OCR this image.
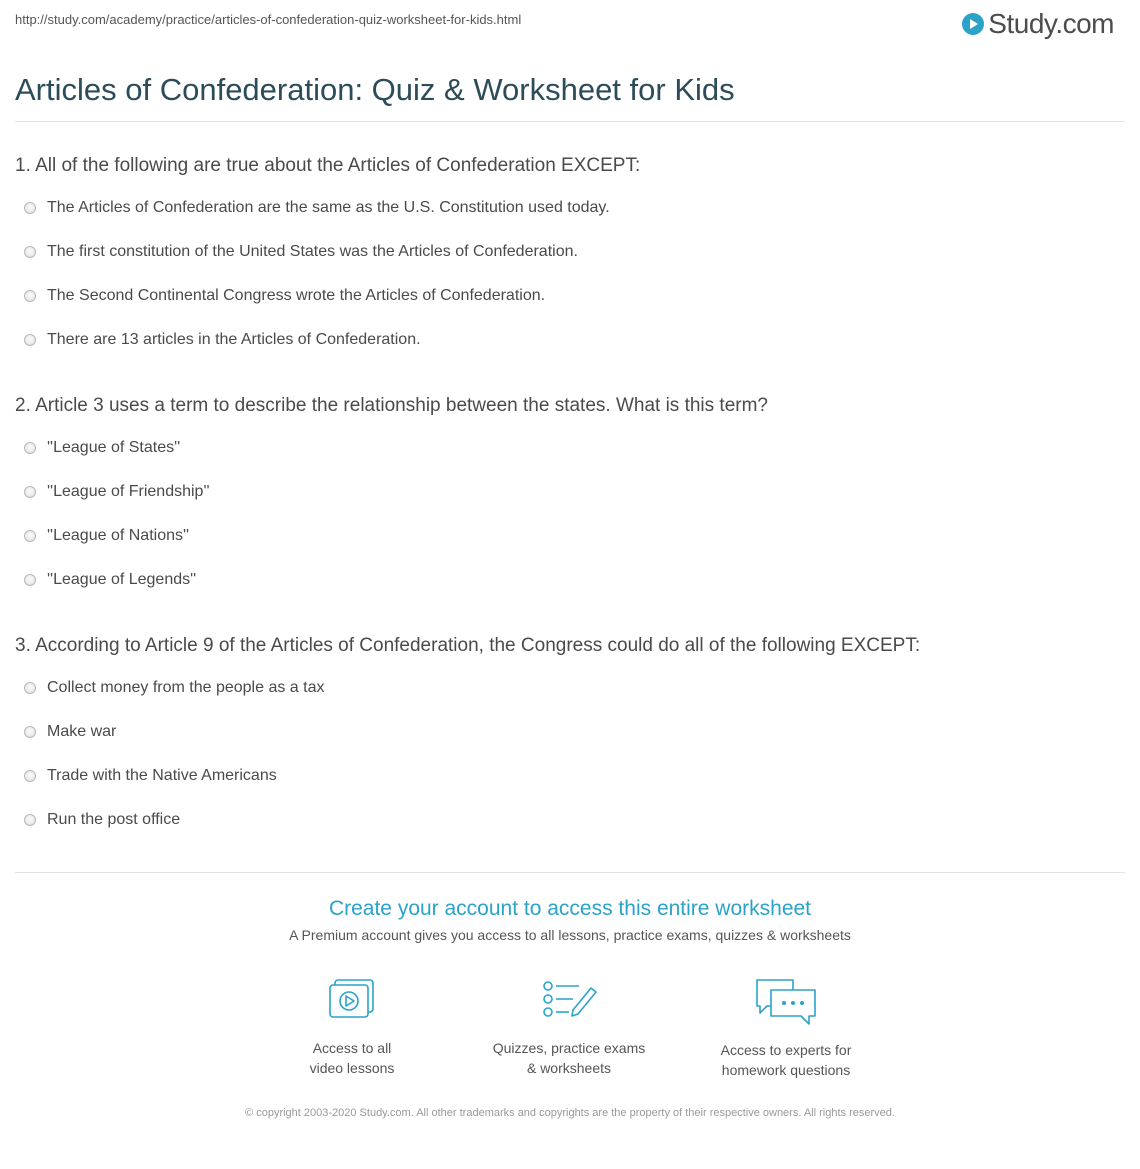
http://study.com/academy/practice/articles-of-confederation-quiz-worksheet-for-kids.html	Study.com
Articles of Confederation: Quiz & Worksheet for Kids

1. All of the following are true about the Articles of Confederation EXCEPT:

The Articles of Confederation are the same as the U.S. Constitution used today.
The first constitution of the United States was the Articles of Confederation.
The Second Continental Congress wrote the Articles of Confederation.
There are 13 articles in the Articles of Confederation.

2. Article 3 uses a term to describe the relationship between the states. What is this term?

''League of States''
''League of Friendship''
''League of Nations''
''League of Legends''

3. According to Article 9 of the Articles of Confederation, the Congress could do all of the following EXCEPT:

Collect money from the people as a tax
Make war
Trade with the Native Americans
Run the post office
Create your account to access this entire worksheet
A Premium account gives you access to all lessons, practice exams, quizzes & worksheets
Access to all
video lessons
Quizzes, practice exams
& worksheets
Access to experts for
homework questions
© copyright 2003-2020 Study.com. All other trademarks and copyrights are the property of their respective owners. All rights reserved.
